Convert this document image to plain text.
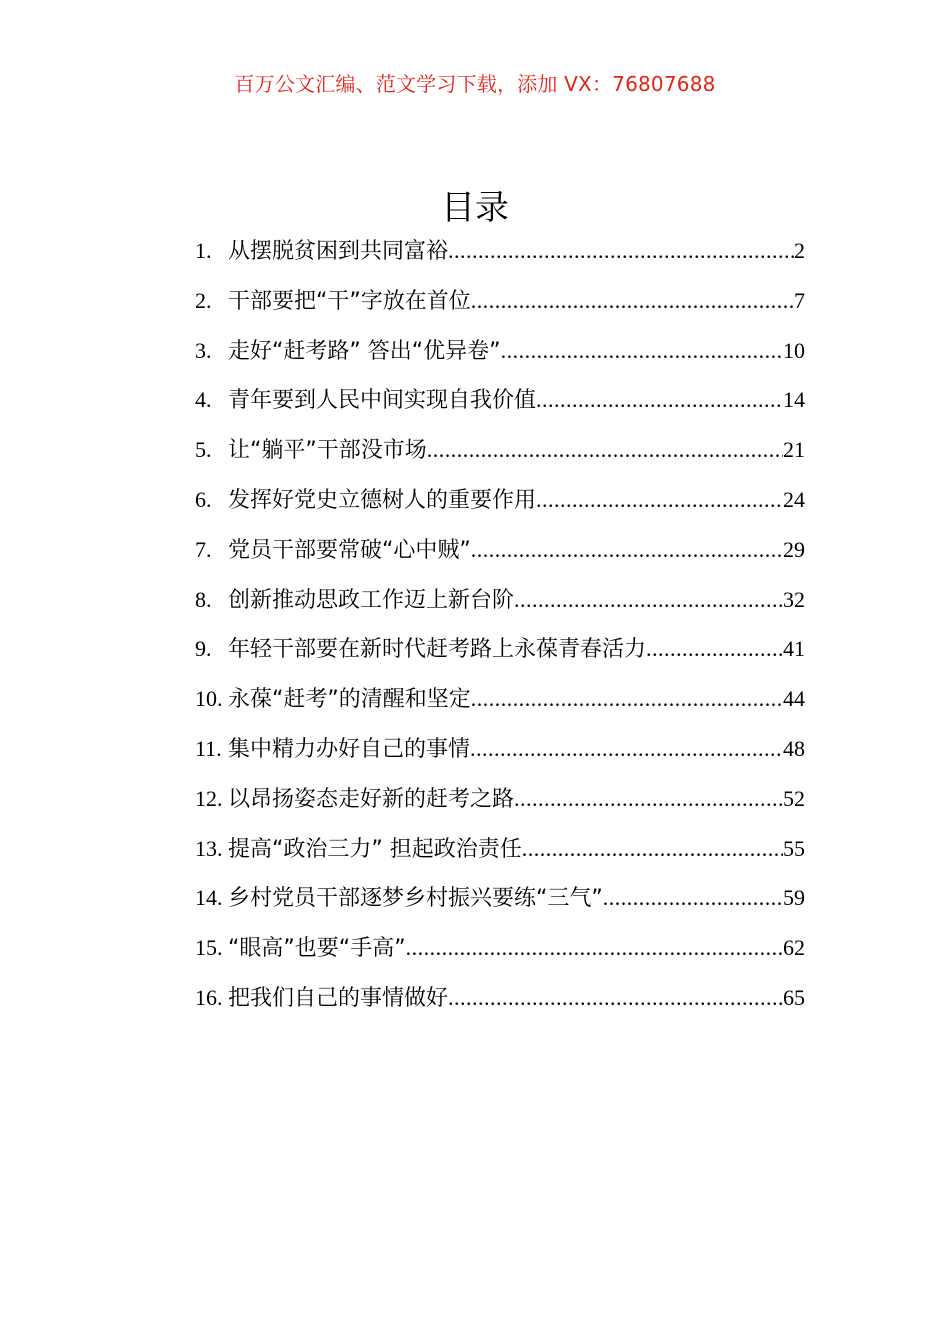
百万公文汇编、范文学习下载，添加 VX：76807688
目录
1. 从摆脱贫困到共同富裕 .....	2
2. 干部要把“干”字放在首位 .....	7
3. 走好“赶考路” 答出“优异卷” .....	10
4. 青年要到人民中间实现自我价值 .....	14
5. 让“躺平”干部没市场 .....	21
6. 发挥好党史立德树人的重要作用 .....	24
7. 党员干部要常破“心中贼” .....	29
8. 创新推动思政工作迈上新台阶 .....	32
9. 年轻干部要在新时代赶考路上永葆青春活力 .....	41
10. 永葆“赶考”的清醒和坚定 .....	44
11. 集中精力办好自己的事情 .....	48
12. 以昂扬姿态走好新的赶考之路 .....	52
13. 提高“政治三力” 担起政治责任 .....	55
14. 乡村党员干部逐梦乡村振兴要练“三气” .....	59
15. “眼高”也要“手高” .....	62
16. 把我们自己的事情做好 .....	65
